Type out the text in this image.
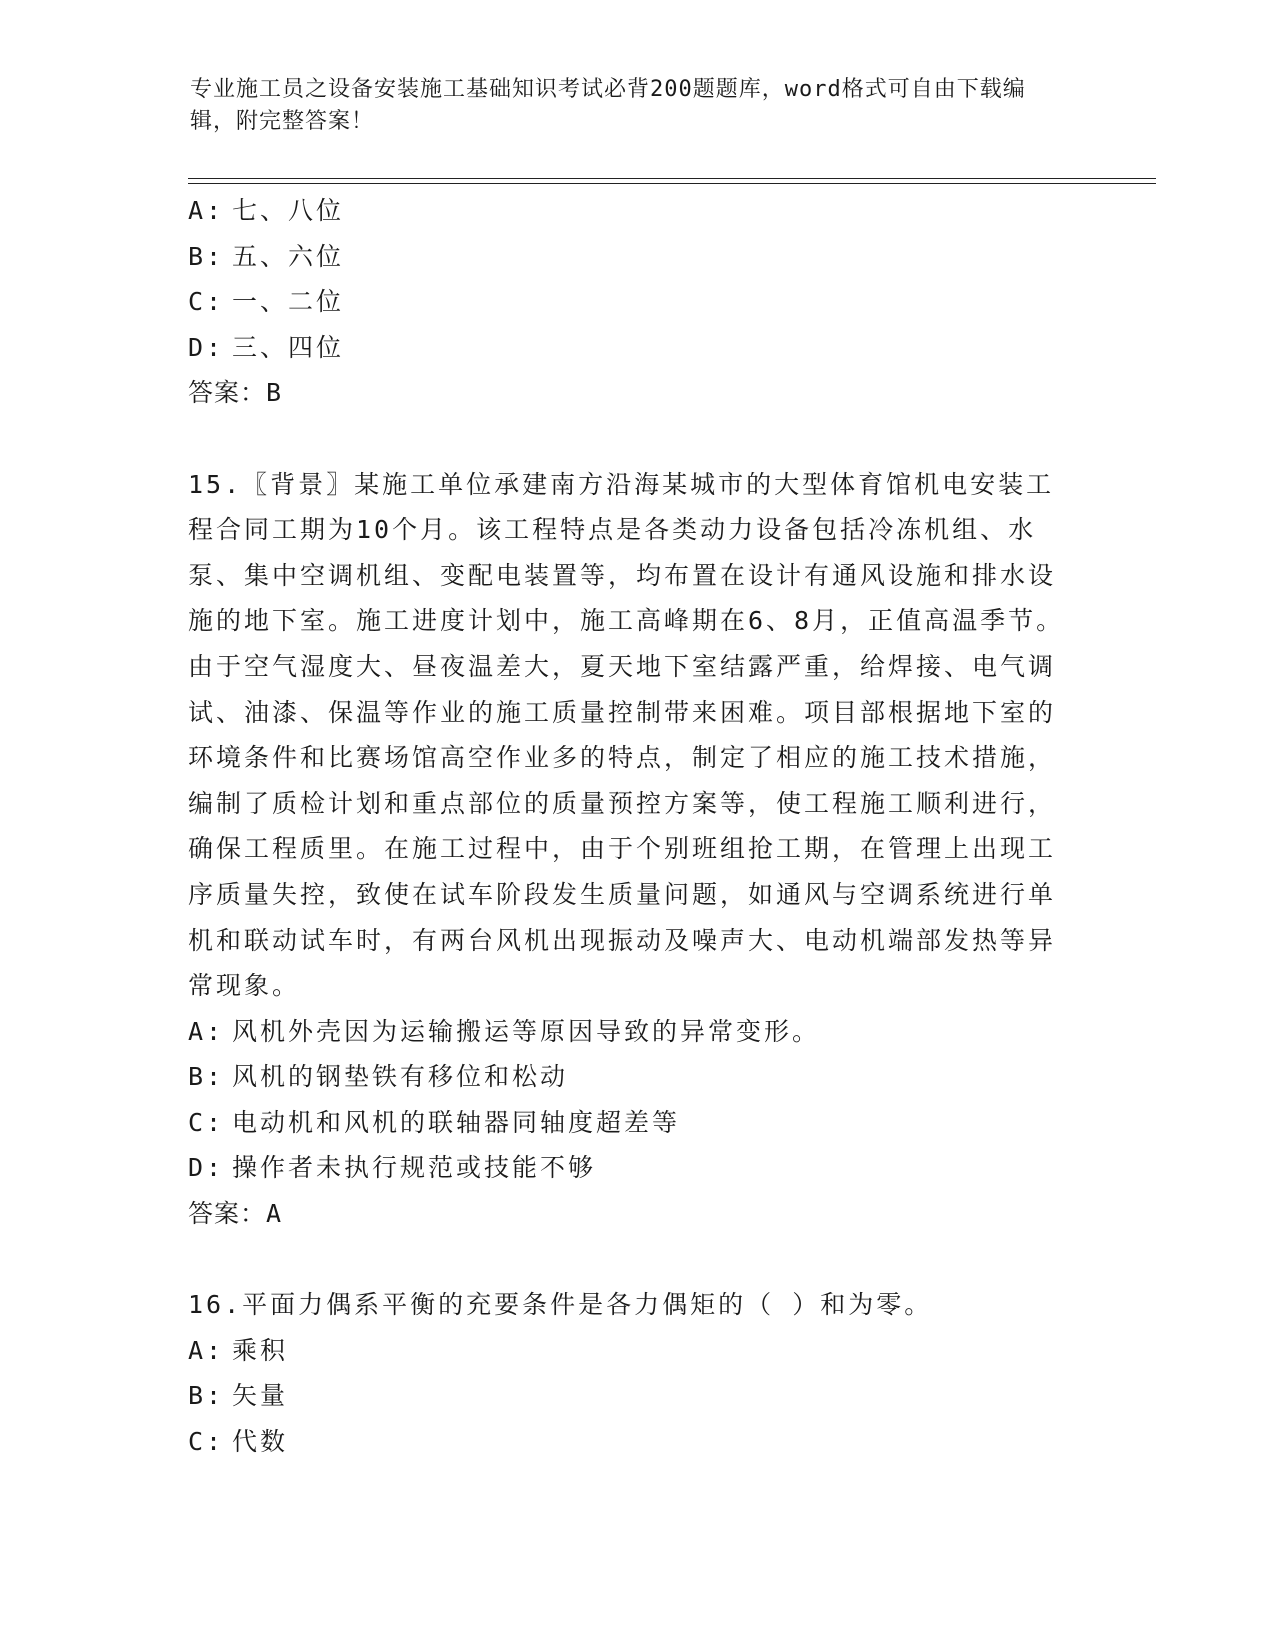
专业施工员之设备安装施工基础知识考试必背200题题库，word格式可自由下载编辑，附完整答案！
A: 七、八位
B: 五、六位
C: 一、二位
D: 三、四位
答案：B
15.〖背景〗某施工单位承建南方沿海某城市的大型体育馆机电安装工程合同工期为10个月。该工程特点是各类动力设备包括冷冻机组、水泵、集中空调机组、变配电装置等，均布置在设计有通风设施和排水设施的地下室。施工进度计划中，施工高峰期在6、8月，正值高温季节。由于空气湿度大、昼夜温差大，夏天地下室结露严重，给焊接、电气调试、油漆、保温等作业的施工质量控制带来困难。项目部根据地下室的环境条件和比赛场馆高空作业多的特点，制定了相应的施工技术措施，编制了质检计划和重点部位的质量预控方案等，使工程施工顺利进行，确保工程质里。在施工过程中，由于个别班组抢工期，在管理上出现工序质量失控，致使在试车阶段发生质量问题，如通风与空调系统进行单机和联动试车时，有两台风机出现振动及噪声大、电动机端部发热等异常现象。
A: 风机外壳因为运输搬运等原因导致的异常变形。
B: 风机的钢垫铁有移位和松动
C: 电动机和风机的联轴器同轴度超差等
D: 操作者未执行规范或技能不够
答案：A
16.平面力偶系平衡的充要条件是各力偶矩的（ ）和为零。
A: 乘积
B: 矢量
C: 代数
